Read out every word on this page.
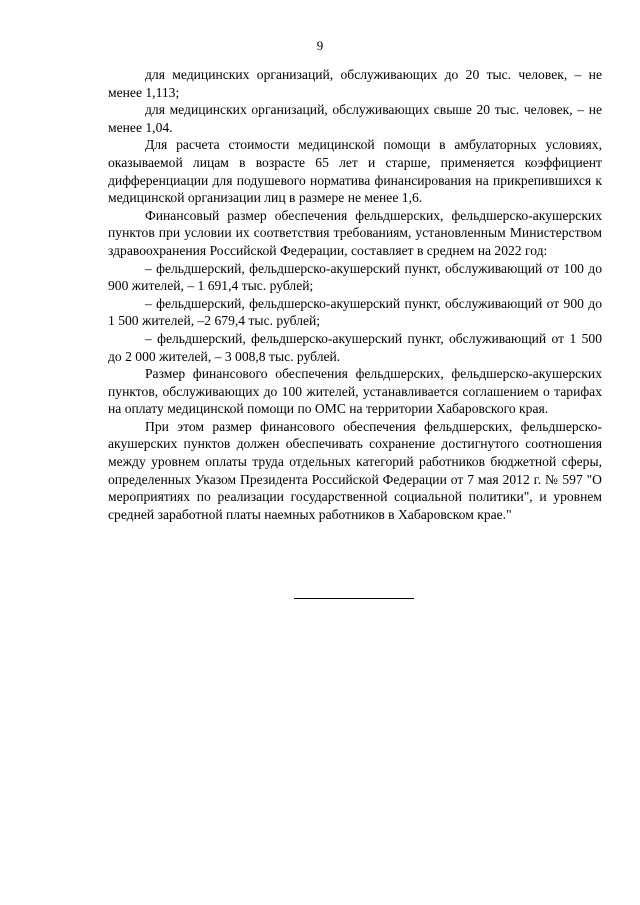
9

для медицинских организаций, обслуживающих до 20 тыс. человек, – не менее 1,113;

для медицинских организаций, обслуживающих свыше 20 тыс. человек, – не менее 1,04.

Для расчета стоимости медицинской помощи в амбулаторных условиях, оказываемой лицам в возрасте 65 лет и старше, применяется коэффициент дифференциации для подушевого норматива финансирования на прикрепившихся к медицинской организации лиц в размере не менее 1,6.

Финансовый размер обеспечения фельдшерских, фельдшерско-акушерских пунктов при условии их соответствия требованиям, установленным Министерством здравоохранения Российской Федерации, составляет в среднем на 2022 год:

– фельдшерский, фельдшерско-акушерский пункт, обслуживающий от 100 до 900 жителей, – 1 691,4 тыс. рублей;

– фельдшерский, фельдшерско-акушерский пункт, обслуживающий от 900 до 1 500 жителей, –2 679,4 тыс. рублей;

– фельдшерский, фельдшерско-акушерский пункт, обслуживающий от 1 500 до 2 000 жителей, – 3 008,8 тыс. рублей.

Размер финансового обеспечения фельдшерских, фельдшерско-акушерских пунктов, обслуживающих до 100 жителей, устанавливается соглашением о тарифах на оплату медицинской помощи по ОМС на территории Хабаровского края.

При этом размер финансового обеспечения фельдшерских, фельдшерско-акушерских пунктов должен обеспечивать сохранение достигнутого соотношения между уровнем оплаты труда отдельных категорий работников бюджетной сферы, определенных Указом Президента Российской Федерации от 7 мая 2012 г. № 597 "О мероприятиях по реализации государственной социальной политики", и уровнем средней заработной платы наемных работников в Хабаровском крае."
